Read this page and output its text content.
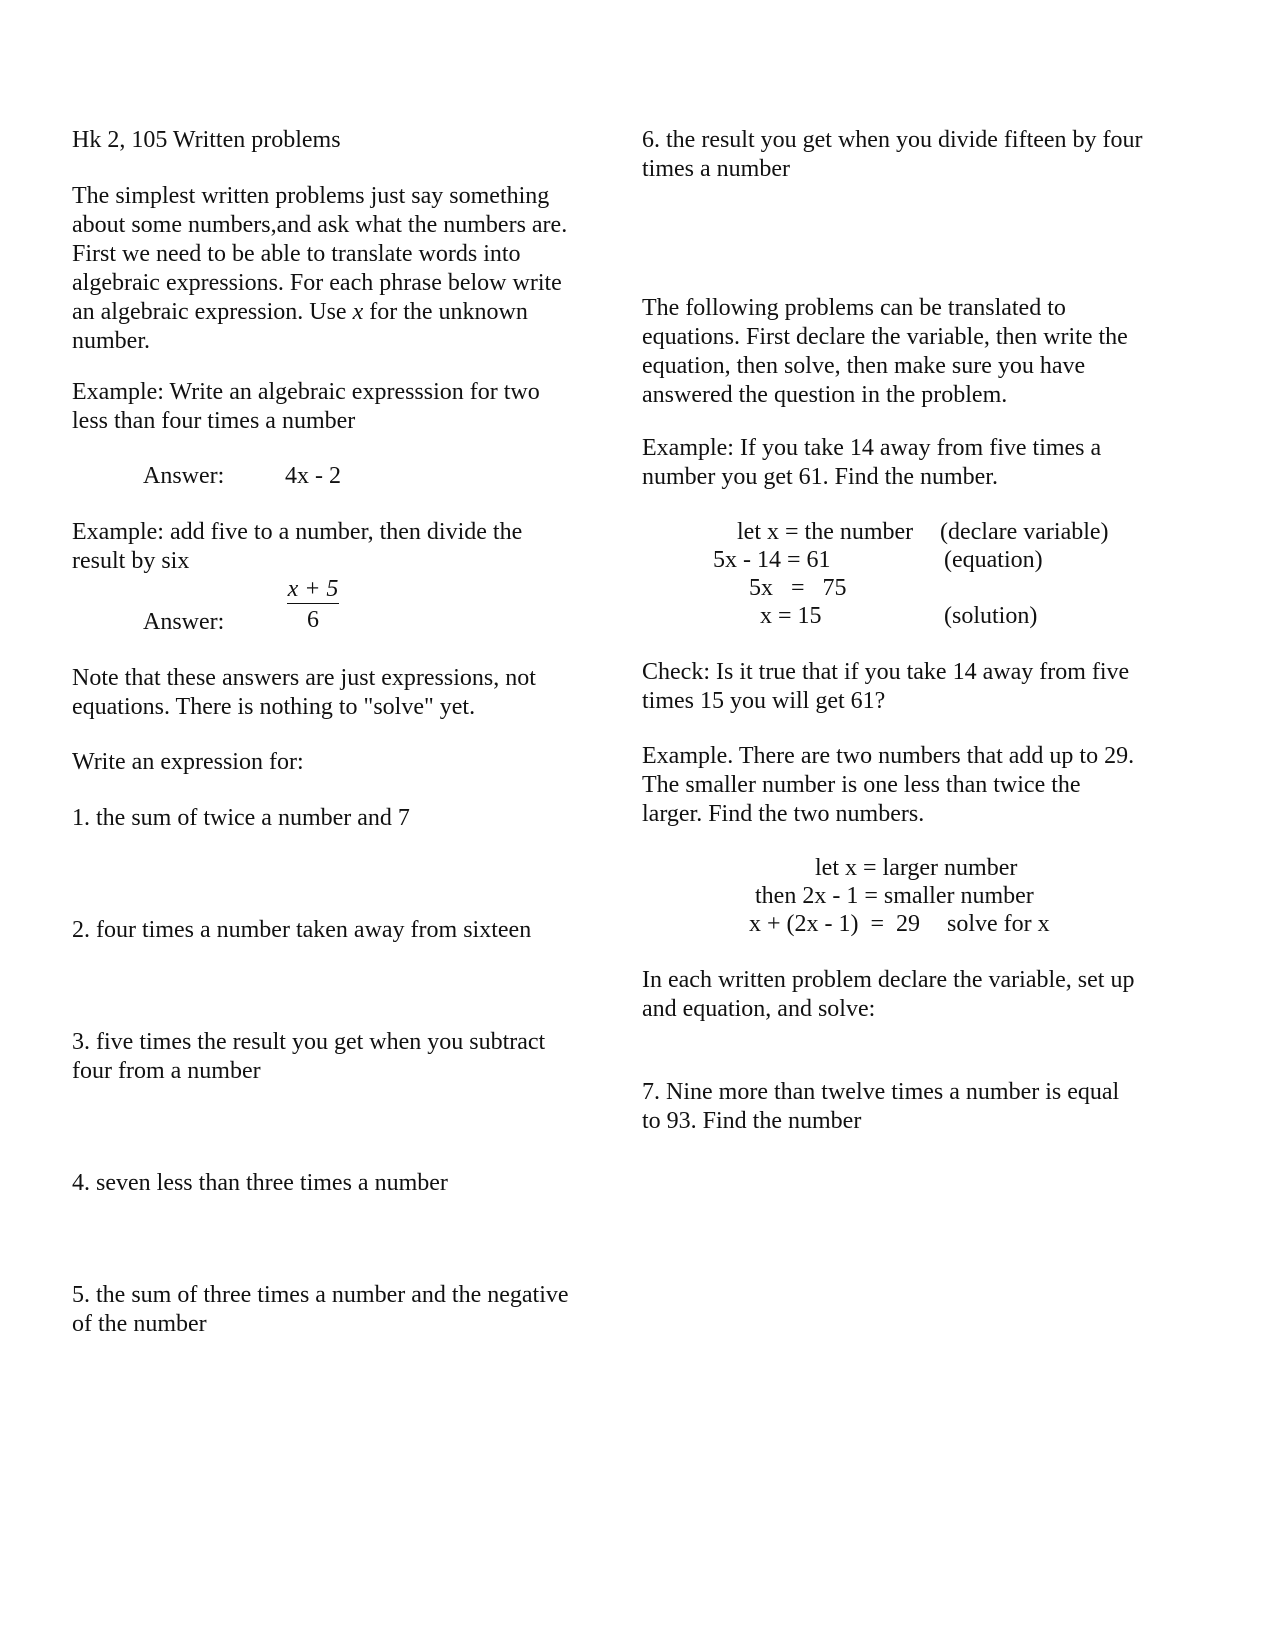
Hk 2, 105 Written problems
The simplest written problems just say something
about some numbers,and ask what the numbers are.
First we need to be able to translate words into
algebraic expressions. For each phrase below write
an algebraic expression. Use x for the unknown
number.
Example: Write an algebraic expresssion for two
less than four times a number
Answer:	4x - 2
Example: add five to a number, then divide the
result by six
$\frac{x + 5}{6}$
Answer:
Note that these answers are just expressions, not
equations. There is nothing to "solve" yet.
Write an expression for:
1. the sum of twice a number and 7
2. four times a number taken away from sixteen
3. five times the result you get when you subtract
four from a number
4. seven less than three times a number
5. the sum of three times a number and the negative
of the number
6. the result you get when you divide fifteen by four
times a number
The following problems can be translated to
equations. First declare the variable, then write the
equation, then solve, then make sure you have
answered the question in the problem.
Example: If you take 14 away from five times a
number you get 61. Find the number.
let x = the number (declare variable)
5x - 14 = 61	(equation)
5x   =   75
x = 15	(solution)
Check: Is it true that if you take 14 away from five
times 15 you will get 61?
Example. There are two numbers that add up to 29.
The smaller number is one less than twice the
larger. Find the two numbers.
let x = larger number
then 2x - 1 = smaller number
x + (2x - 1)  =  29 solve for x
In each written problem declare the variable, set up
and equation, and solve:
7. Nine more than twelve times a number is equal
to 93. Find the number
